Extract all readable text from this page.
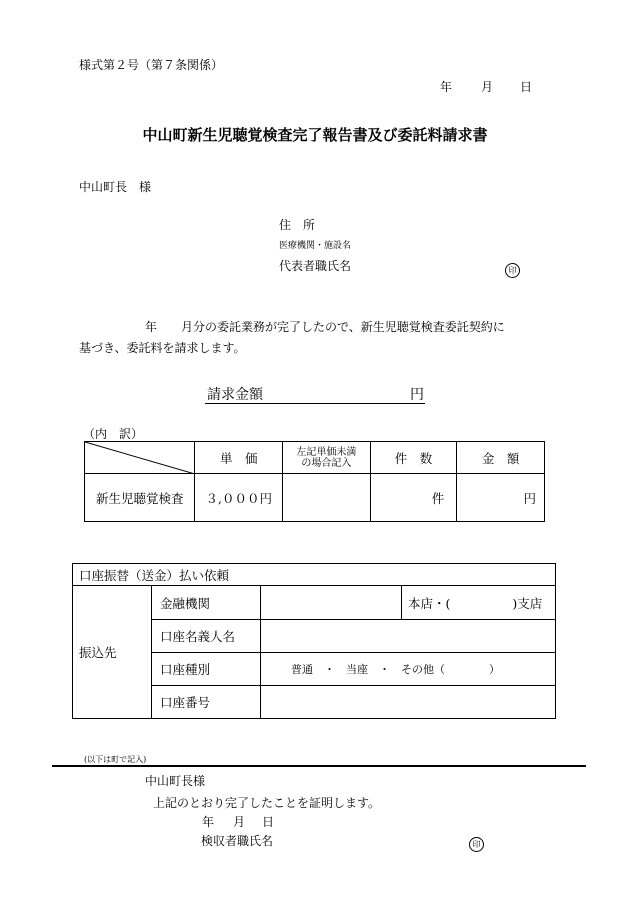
様式第２号（第７条関係）
年 月 日
中山町新生児聴覚検査完了報告書及び委託料請求書
中山町長　様
住　所
医療機関・施設名
代表者職氏名	印
年　　月分の委託業務が完了したので、新生児聴覚検査委託契約に
基づき、委託料を請求します。
請求金額	円
（内　訳）
	単　価	左記単価未満
の場合記入	件　数	金　額
新生児聴覚検査	３,０００円		件	円
口座振替（送金）払い依頼			
振込先	金融機関		本店・( )支店
	口座名義人名		
	口座種別	普通　・　当座　・　その他（　　　　）	
	口座番号		
(以下は町で記入)
中山町長様
上記のとおり完了したことを証明します。
年 月 日
検収者職氏名	印
